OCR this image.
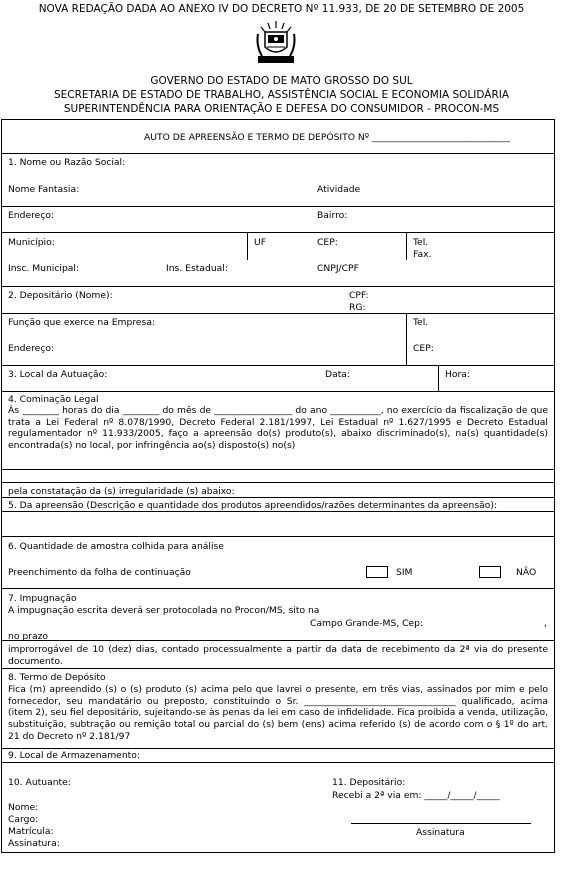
NOVA REDAÇÃO DADA AO ANEXO IV DO DECRETO Nº 11.933, DE 20 DE SETEMBRO DE 2005
GOVERNO DO ESTADO DE MATO GROSSO DO SUL
SECRETARIA DE ESTADO DE TRABALHO, ASSISTÊNCIA SOCIAL E ECONOMIA SOLIDÁRIA
SUPERINTENDÊNCIA PARA ORIENTAÇÃO E DEFESA DO CONSUMIDOR - PROCON-MS
AUTO DE APREENSÃO E TERMO DE DEPÓSITO Nº ______________________________
1. Nome ou Razão Social:
Nome Fantasia:	Atividade
Endereço:	Bairro:
Município:	UF	CEP:	Tel.
Fax.
Insc. Municipal:	Ins. Estadual:	CNPJ/CPF
2. Depositário (Nome):	CPF:
RG:
Função que exerce na Empresa:	Tel.
Endereço:	CEP:
3. Local da Autuação:	Data:	Hora:
4. Cominação Legal
Às ________ horas do dia ________ do mês de _________________ do ano ___________, no exercício da fiscalização de que trata a Lei Federal nº 8.078/1990, Decreto Federal 2.181/1997, Lei Estadual nº 1.627/1995 e Decreto Estadual regulamentador nº 11.933/2005, faço a apreensão do(s) produto(s), abaixo discriminado(s), na(s) quantidade(s) encontrada(s) no local, por infringência ao(s) disposto(s) no(s)
pela constatação da (s) irregularidade (s) abaixo:
5. Da apreensão (Descrição e quantidade dos produtos apreendidos/razões determinantes da apreensão):
6. Quantidade de amostra colhida para análise
Preenchimento da folha de continuação	SIM	NÃO
7. Impugnação
A impugnação escrita deverá ser protocolada no Procon/MS, sito na
Campo Grande-MS, Cep:	,
no prazo
improrrogável de 10 (dez) dias, contado processualmente a partir da data de recebimento da 2ª via do presente documento.
8. Termo de Depósito
Fica (m) apreendido (s) o (s) produto (s) acima pelo que lavrei o presente, em três vias, assinados por mim e pelo fornecedor, seu mandatário ou preposto, constituindo o Sr. _________________________________ qualificado, acima (item 2), seu fiel depositário, sujeitando-se às penas da lei em caso de infidelidade. Fica proibida a venda, utilização, substituição, subtração ou remição total ou parcial do (s) bem (ens) acima referido (s) de acordo com o § 1º do art. 21 do Decreto nº 2.181/97
9. Local de Armazenamento:
10. Autuante:
Nome:
Cargo:
Matrícula:
Assinatura:
11. Depositário:
Recebi a 2ª via em: _____/_____/_____
Assinatura
